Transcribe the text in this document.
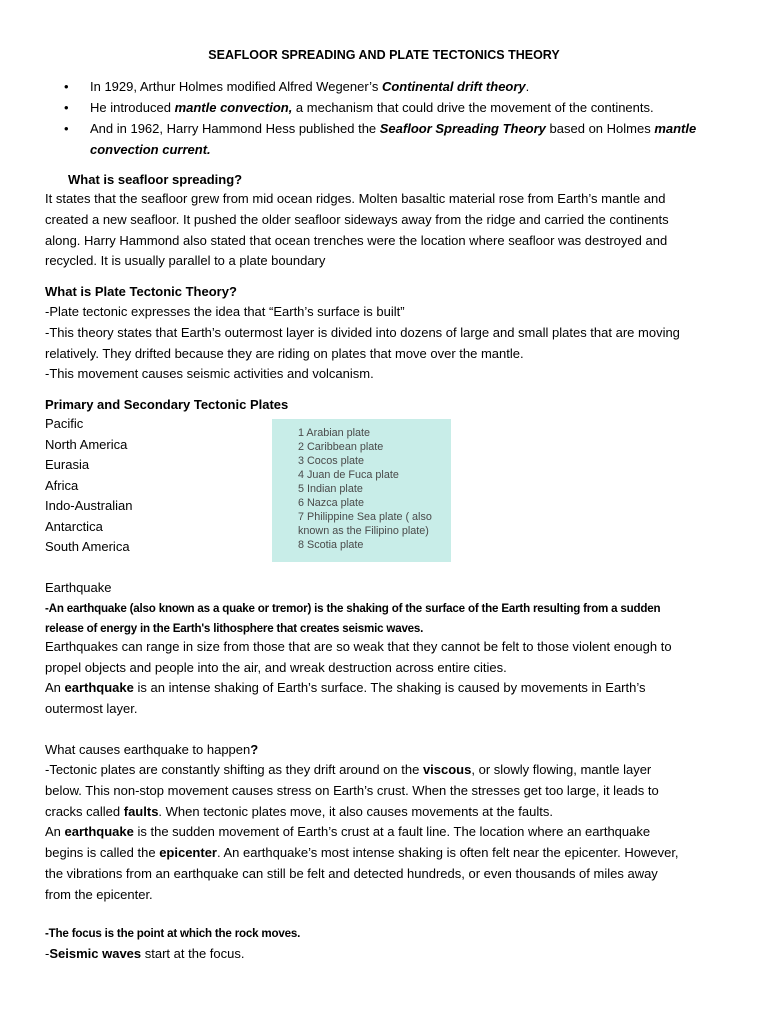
SEAFLOOR SPREADING AND PLATE TECTONICS THEORY
• In 1929, Arthur Holmes modified Alfred Wegener’s Continental drift theory.
• He introduced mantle convection, a mechanism that could drive the movement of the continents.
• And in 1962, Harry Hammond Hess published the Seafloor Spreading Theory based on Holmes mantle convection current.
What is seafloor spreading?
It states that the seafloor grew from mid ocean ridges. Molten basaltic material rose from Earth’s mantle and
created a new seafloor. It pushed the older seafloor sideways away from the ridge and carried the continents
along. Harry Hammond also stated that ocean trenches were the location where seafloor was destroyed and
recycled. It is usually parallel to a plate boundary
What is Plate Tectonic Theory?
-Plate tectonic expresses the idea that “Earth’s surface is built”
-This theory states that Earth’s outermost layer is divided into dozens of large and small plates that are moving
relatively. They drifted because they are riding on plates that move over the mantle.
-This movement causes seismic activities and volcanism.
Primary and Secondary Tectonic Plates
Pacific
North America
Eurasia
Africa
Indo-Australian
Antarctica
South America
1 Arabian plate
2 Caribbean plate
3 Cocos plate
4 Juan de Fuca plate
5 Indian plate
6 Nazca plate
7 Philippine Sea plate ( also
known as the Filipino plate)
8 Scotia plate
Earthquake
-An earthquake (also known as a quake or tremor) is the shaking of the surface of the Earth resulting from a sudden
release of energy in the Earth's lithosphere that creates seismic waves.
Earthquakes can range in size from those that are so weak that they cannot be felt to those violent enough to
propel objects and people into the air, and wreak destruction across entire cities.
An earthquake is an intense shaking of Earth’s surface. The shaking is caused by movements in Earth’s
outermost layer.
What causes earthquake to happen?
-Tectonic plates are constantly shifting as they drift around on the viscous, or slowly flowing, mantle layer
below. This non-stop movement causes stress on Earth’s crust. When the stresses get too large, it leads to
cracks called faults. When tectonic plates move, it also causes movements at the faults.
An earthquake is the sudden movement of Earth’s crust at a fault line. The location where an earthquake
begins is called the epicenter. An earthquake’s most intense shaking is often felt near the epicenter. However,
the vibrations from an earthquake can still be felt and detected hundreds, or even thousands of miles away
from the epicenter.
-The focus is the point at which the rock moves.
-Seismic waves start at the focus.
